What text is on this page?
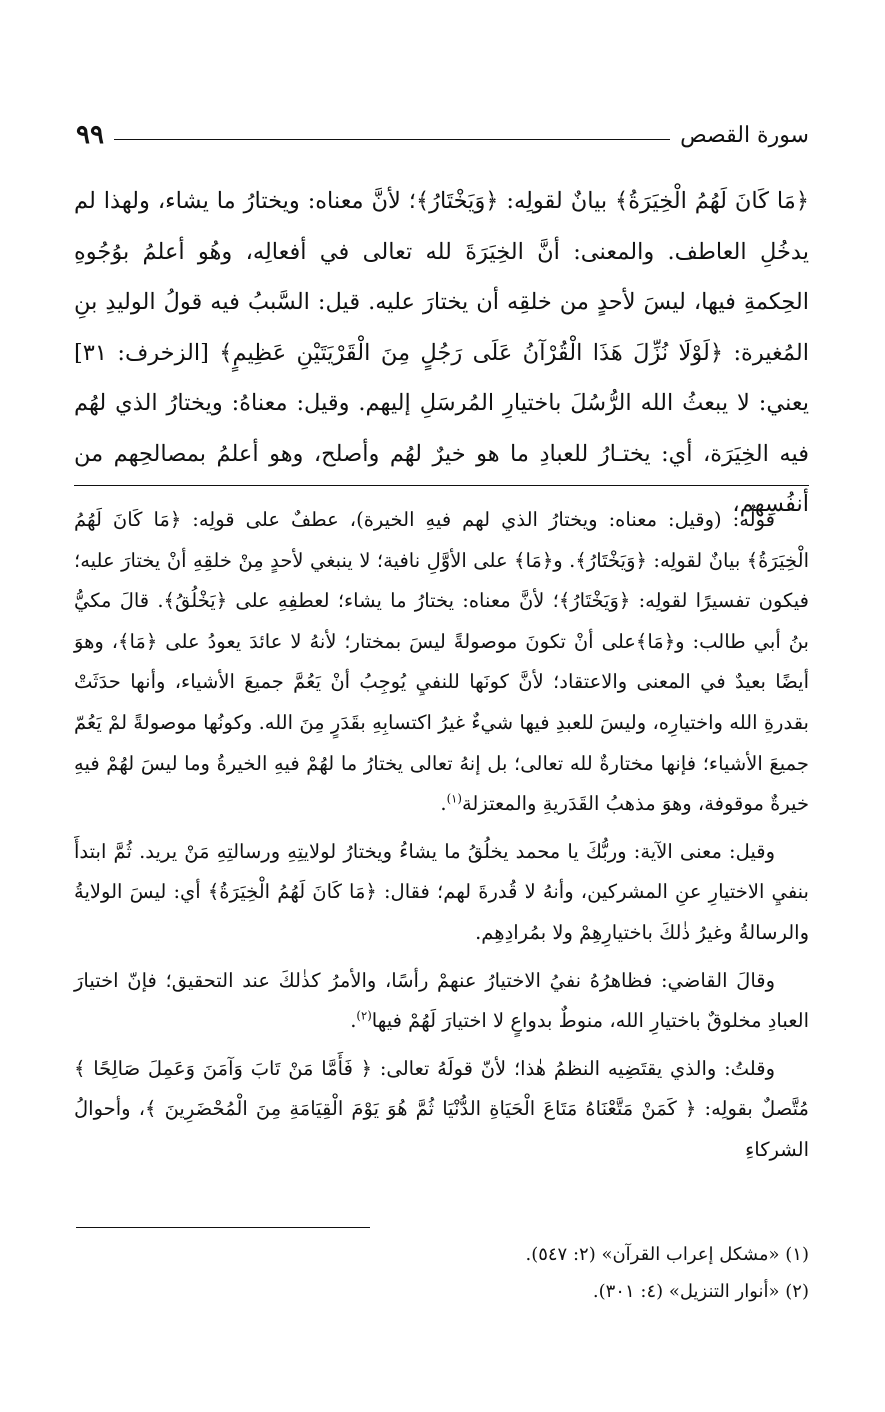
سورة القصص
٩٩
﴿مَا كَانَ لَهُمُ الْخِيَرَةُ﴾ بيانٌ لقولِه: ﴿وَيَخْتَارُ﴾؛ لأنَّ معناه: ويختارُ ما يشاء، ولهذا لم يدخُلِ العاطف. والمعنى: أنَّ الخِيَرَةَ لله تعالى في أفعالِه، وهُو أعلمُ بوُجُوهِ الحِكمةِ فيها، ليسَ لأحدٍ من خلقِه أن يختارَ عليه. قيل: السَّببُ فيه قولُ الوليدِ بنِ المُغيرة: ﴿لَوْلَا نُزِّلَ هَذَا الْقُرْآنُ عَلَى رَجُلٍ مِنَ الْقَرْيَتَيْنِ عَظِيمٍ﴾ [الزخرف: ٣١] يعني: لا يبعثُ الله الرُّسُلَ باختيارِ المُرسَلِ إليهم. وقيل: معناهُ: ويختارُ الذي لهُم فيه الخِيَرَة، أي: يختـارُ للعبادِ ما هو خيرٌ لهُم وأصلح، وهو أعلمُ بمصالحِهم من أنفُسِهم،

قولُه: (وقيل: معناه: ويختارُ الذي لهم فيهِ الخيرة)، عطفٌ على قولِه: ﴿مَا كَانَ لَهُمُ الْخِيَرَةُ﴾ بيانٌ لقولِه: ﴿وَيَخْتَارُ﴾. و﴿مَا﴾ على الأوَّلِ نافية؛ لا ينبغي لأحدٍ مِنْ خلقِهِ أنْ يختارَ عليه؛ فيكون تفسيرًا لقولِه: ﴿وَيَخْتَارُ﴾؛ لأنَّ معناه: يختارُ ما يشاء؛ لعطفِهِ على ﴿يَخْلُقُ﴾. قالَ مكيُّ بنُ أبي طالب: و﴿مَا﴾على أنْ تكونَ موصولةً ليسَ بمختار؛ لأنهُ لا عائدَ يعودُ على ﴿مَا﴾، وهوَ أيضًا بعيدٌ في المعنى والاعتقاد؛ لأنَّ كونَها للنفيِ يُوجِبُ أنْ يَعُمَّ جميعَ الأشياء، وأنها حدَثَتْ بقدرةِ الله واختيارِه، وليسَ للعبدِ فيها شيءٌ غيرُ اكتسابِهِ بقَدَرٍ مِنَ الله. وكونُها موصولةً لمْ يَعُمّ جميعَ الأشياء؛ فإنها مختارةٌ لله تعالى؛ بل إنهُ تعالى يختارُ ما لهُمْ فيهِ الخيرةُ وما ليسَ لهُمْ فيهِ خيرةٌ موقوفة، وهوَ مذهبُ القَدَريةِ والمعتزلة$^{(١)}$.

وقيل: معنى الآية: وربُّكَ يا محمد يخلُقُ ما يشاءُ ويختارُ لولايتِهِ ورسالتِهِ مَنْ يريد. ثُمَّ ابتدأَ بنفيِ الاختيارِ عنِ المشركين، وأنهُ لا قُدرةَ لهم؛ فقال: ﴿مَا كَانَ لَهُمُ الْخِيَرَةُ﴾ أي: ليسَ الولايةُ والرسالةُ وغيرُ ذٰلكَ باختيارِهِمْ ولا بمُرادِهِم.

وقالَ القاضي: فظاهرُهُ نفيُ الاختيارُ عنهمْ رأسًا، والأمرُ كذٰلكَ عند التحقيق؛ فإنّ اختيارَ العبادِ مخلوقٌ باختيارِ الله، منوطٌ بدواعٍ لا اختيارَ لَهُمْ فيها$^{(٢)}$.

وقلتُ: والذي يقتَضِيه النظمُ هٰذا؛ لأنّ قولَهُ تعالى: ﴿ فَأَمَّا مَنْ تَابَ وَآمَنَ وَعَمِلَ صَالِحًا ﴾ مُتَّصلٌ بقولِه: ﴿ كَمَنْ مَتَّعْنَاهُ مَتَاعَ الْحَيَاةِ الدُّنْيَا ثُمَّ هُوَ يَوْمَ الْقِيَامَةِ مِنَ الْمُحْضَرِينَ ﴾، وأحوالُ الشركاءِ

(١) «مشكل إعراب القرآن» (٢: ٥٤٧).
(٢) «أنوار التنزيل» (٤: ٣٠١).
